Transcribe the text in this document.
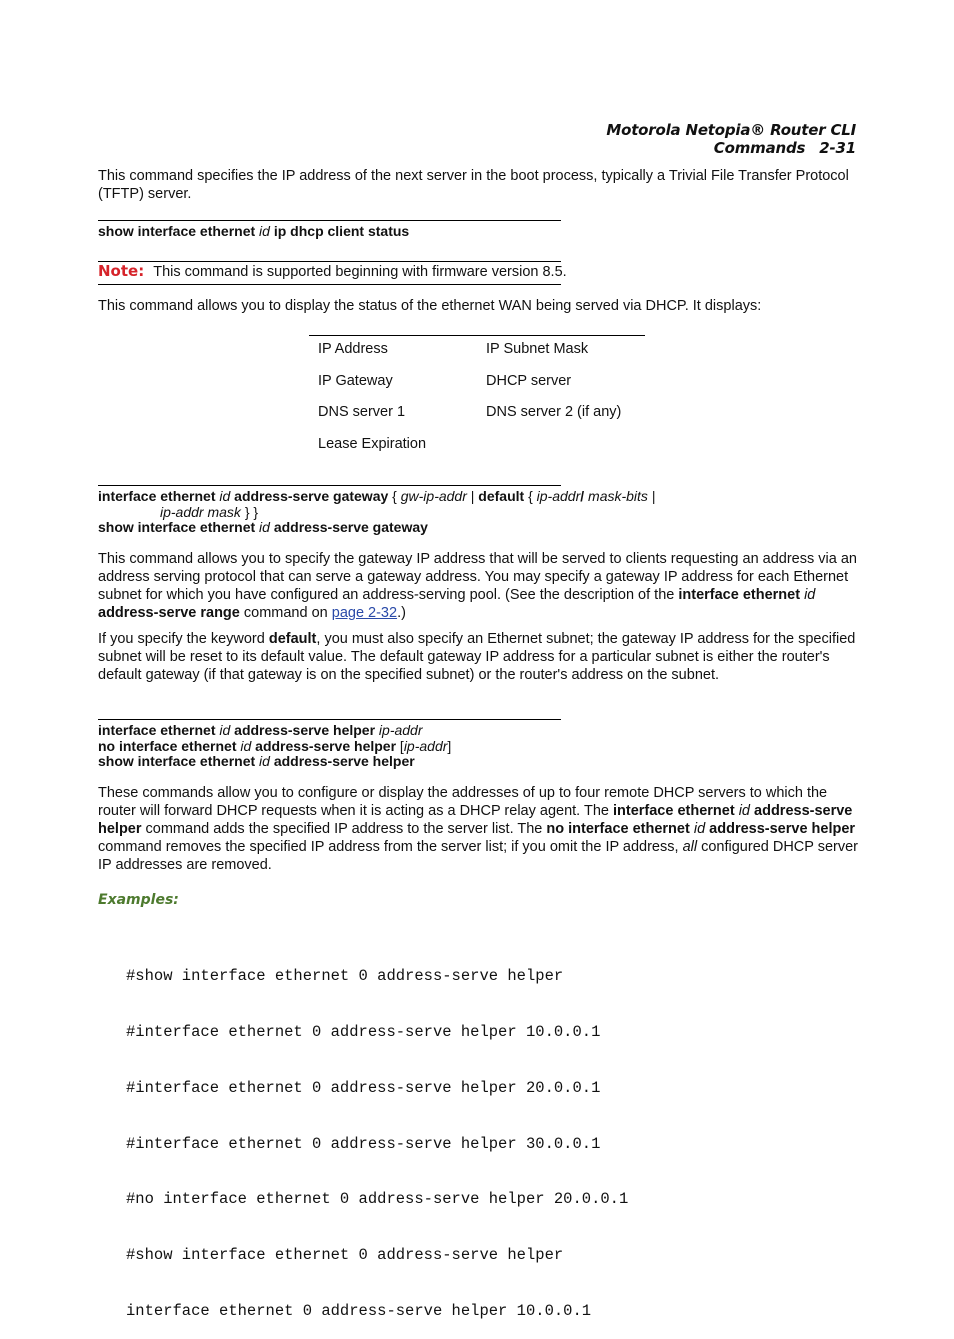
Motorola Netopia® Router CLI Commands 2-31

This command specifies the IP address of the next server in the boot process, typically a Trivial File Transfer Protocol (TFTP) server.

show interface ethernet id ip dhcp client status
Note: This command is supported beginning with firmware version 8.5.

This command allows you to display the status of the ethernet WAN being served via DHCP. It displays:

IP Address	IP Subnet Mask
IP Gateway	DHCP server
DNS server 1	DNS server 2 (if any)
Lease Expiration
interface ethernet id address-serve gateway { gw-ip-addr | default { ip-addr/ mask-bits |
ip-addr mask } }
show interface ethernet id address-serve gateway

This command allows you to specify the gateway IP address that will be served to clients requesting an address via an address serving protocol that can serve a gateway address. You may specify a gateway IP address for each Ethernet subnet for which you have configured an address-serving pool. (See the description of the interface ethernet id address-serve range command on page 2-32.)

If you specify the keyword default, you must also specify an Ethernet subnet; the gateway IP address for the specified subnet will be reset to its default value. The default gateway IP address for a particular subnet is either the router's default gateway (if that gateway is on the specified subnet) or the router's address on the subnet.

interface ethernet id address-serve helper ip-addr
no interface ethernet id address-serve helper [ip-addr]
show interface ethernet id address-serve helper

These commands allow you to configure or display the addresses of up to four remote DHCP servers to which the router will forward DHCP requests when it is acting as a DHCP relay agent. The interface ethernet id address-serve helper command adds the specified IP address to the server list. The no interface ethernet id address-serve helper command removes the specified IP address from the server list; if you omit the IP address, all configured DHCP server IP addresses are removed.

Examples:

#show interface ethernet 0 address-serve helper

#interface ethernet 0 address-serve helper 10.0.0.1

#interface ethernet 0 address-serve helper 20.0.0.1

#interface ethernet 0 address-serve helper 30.0.0.1

#no interface ethernet 0 address-serve helper 20.0.0.1

#show interface ethernet 0 address-serve helper

interface ethernet 0 address-serve helper 10.0.0.1
